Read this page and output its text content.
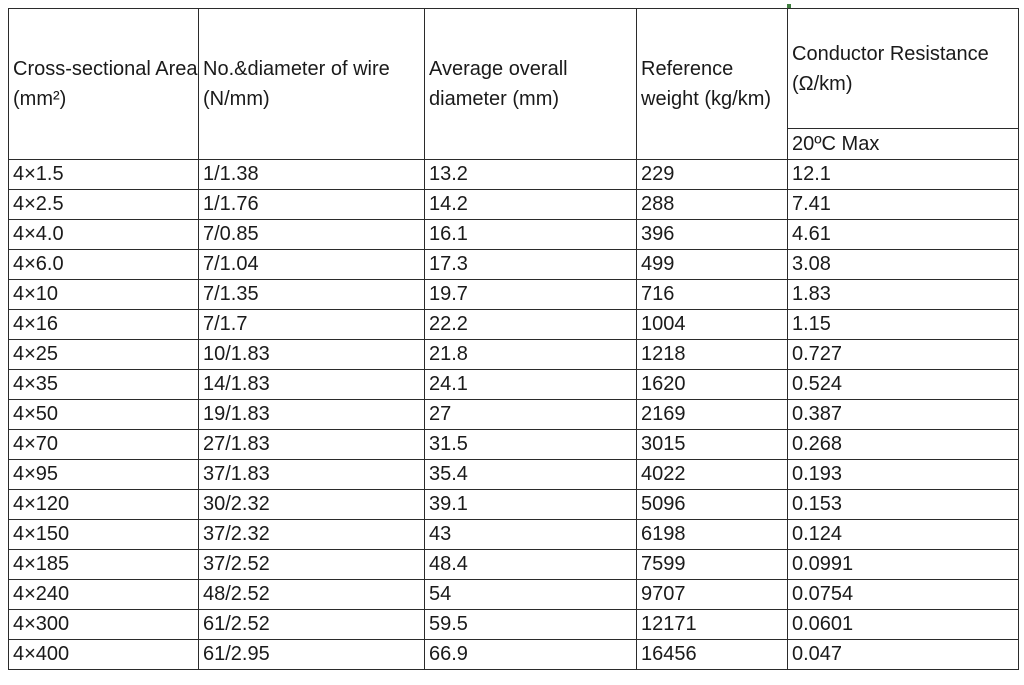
Cross-sectional Area (mm²)	No.&diameter of wire (N/mm)	Average overall diameter (mm)	Reference weight (kg/km)	Conductor Resistance (Ω/km)
				20ºC Max
4×1.5	1/1.38	13.2	229	12.1
4×2.5	1/1.76	14.2	288	7.41
4×4.0	7/0.85	16.1	396	4.61
4×6.0	7/1.04	17.3	499	3.08
4×10	7/1.35	19.7	716	1.83
4×16	7/1.7	22.2	1004	1.15
4×25	10/1.83	21.8	1218	0.727
4×35	14/1.83	24.1	1620	0.524
4×50	19/1.83	27	2169	0.387
4×70	27/1.83	31.5	3015	0.268
4×95	37/1.83	35.4	4022	0.193
4×120	30/2.32	39.1	5096	0.153
4×150	37/2.32	43	6198	0.124
4×185	37/2.52	48.4	7599	0.0991
4×240	48/2.52	54	9707	0.0754
4×300	61/2.52	59.5	12171	0.0601
4×400	61/2.95	66.9	16456	0.047
